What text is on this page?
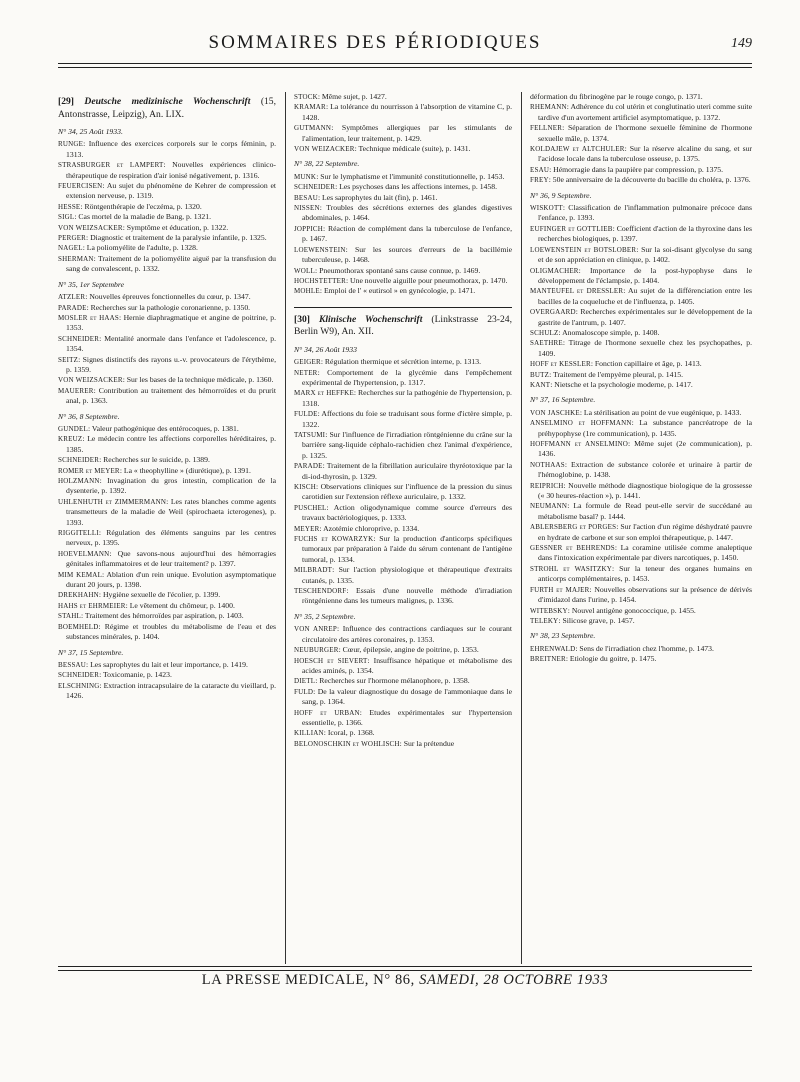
SOMMAIRES DES PÉRIODIQUES	149
[29] Deutsche medizinische Wochenschrift (15, Antonstrasse, Leipzig), An. LIX.
N° 34, 25 Août 1933.
RUNGE: Influence des exercices corporels sur le corps féminin, p. 1313.
STRASBURGER et LAMPERT: Nouvelles expériences clinico-thérapeutique de respiration d'air ionisé négativement, p. 1316.
FEUERCISEN: Au sujet du phénomène de Kehrer de compression et extension nerveuse, p. 1319.
HESSE: Röntgenthérapie de l'eczéma, p. 1320.
SIGL: Cas mortel de la maladie de Bang, p. 1321.
VON WEIZSACKER: Symptôme et éducation, p. 1322.
PERGER: Diagnostic et traitement de la paralysie infantile, p. 1325.
NAGEL: La poliomyélite de l'adulte, p. 1328.
SHERMAN: Traitement de la poliomyélite aiguë par la transfusion du sang de convalescent, p. 1332.
N° 35, 1er Septembre
ATZLER: Nouvelles épreuves fonctionnelles du cœur, p. 1347.
PARADE: Recherches sur la pathologie coronarienne, p. 1350.
MOSLER et HAAS: Hernie diaphragmatique et angine de poitrine, p. 1353.
SCHNEIDER: Mentalité anormale dans l'enfance et l'adolescence, p. 1354.
SEITZ: Signes distinctifs des rayons u.-v. provocateurs de l'érythème, p. 1359.
VON WEIZSACKER: Sur les bases de la technique médicale, p. 1360.
MAUERER: Contribution au traitement des hémorroïdes et du prurit anal, p. 1363.
N° 36, 8 Septembre.
GUNDEL: Valeur pathogénique des entérocoques, p. 1381.
KREUZ: Le médecin contre les affections corporelles héréditaires, p. 1385.
SCHNEIDER: Recherches sur le suicide, p. 1389.
ROMER et MEYER: La « theophylline » (diurétique), p. 1391.
HOLZMANN: Invagination du gros intestin, complication de la dysenterie, p. 1392.
UHLENHUTH et ZIMMERMANN: Les rates blanches comme agents transmetteurs de la maladie de Weil (spirochaeta icterogenes), p. 1393.
RIGGITELLI: Régulation des éléments sanguins par les centres nerveux, p. 1395.
HOEVELMANN: Que savons-nous aujourd'hui des hémorragies génitales inflammatoires et de leur traitement? p. 1397.
MIM KEMAL: Ablation d'un rein unique. Evolution asymptomatique durant 20 jours, p. 1398.
DREKHAHN: Hygiène sexuelle de l'écolier, p. 1399.
HAHS et EHRMEIER: Le vêtement du chômeur, p. 1400.
STAHL: Traitement des hémorroïdes par aspiration, p. 1403.
BOEMHELD: Régime et troubles du métabolisme de l'eau et des substances minérales, p. 1404.
N° 37, 15 Septembre.
BESSAU: Les saprophytes du lait et leur importance, p. 1419.
SCHNEIDER: Toxicomanie, p. 1423.
ELSCHNING: Extraction intracapsulaire de la cataracte du vieillard, p. 1426.
STOCK: Même sujet, p. 1427.
KRAMAR: La tolérance du nourrisson à l'absorption de vitamine C, p. 1428.
GUTMANN: Symptômes allergiques par les stimulants de l'alimentation, leur traitement, p. 1429.
VON WEIZACKER: Technique médicale (suite), p. 1431.
N° 38, 22 Septembre.
MUNK: Sur le lymphatisme et l'immunité constitutionnelle, p. 1453.
SCHNEIDER: Les psychoses dans les affections internes, p. 1458.
BESAU: Les saprophytes du lait (fin), p. 1461.
NISSEN: Troubles des sécrétions externes des glandes digestives abdominales, p. 1464.
JOPPICH: Réaction de complément dans la tuberculose de l'enfance, p. 1467.
LOEWENSTEIN: Sur les sources d'erreurs de la bacillémie tuberculeuse, p. 1468.
WOLL: Pneumothorax spontané sans cause connue, p. 1469.
HOCHSTETTER: Une nouvelle aiguille pour pneumothorax, p. 1470.
MOHLE: Emploi de l' « eutirsol » en gynécologie, p. 1471.
[30] Klinische Wochenschrift (Linkstrasse 23-24, Berlin W9), An. XII.
N° 34, 26 Août 1933
GEIGER: Régulation thermique et sécrétion interne, p. 1313.
NETER: Comportement de la glycémie dans l'empêchement expérimental de l'hypertension, p. 1317.
MARX et HEFFKE: Recherches sur la pathogénie de l'hypertension, p. 1318.
FULDE: Affections du foie se traduisant sous forme d'ictère simple, p. 1322.
TATSUMI: Sur l'influence de l'irradiation röntgénienne du crâne sur la barrière sang-liquide céphalo-rachidien chez l'animal d'expérience, p. 1325.
PARADE: Traitement de la fibrillation auriculaire thyréotoxique par la di-iod-thyrosin, p. 1329.
KISCH: Observations cliniques sur l'influence de la pression du sinus carotidien sur l'extension réflexe auriculaire, p. 1332.
PUSCHEL: Action oligodynamique comme source d'erreurs des travaux bactériologiques, p. 1333.
MEYER: Azotémie chloroprive, p. 1334.
FUCHS et KOWARZYK: Sur la production d'anticorps spécifiques tumoraux par préparation à l'aide du sérum contenant de l'antigène tumoral, p. 1334.
MILBRADT: Sur l'action physiologique et thérapeutique d'extraits cutanés, p. 1335.
TESCHENDORF: Essais d'une nouvelle méthode d'irradiation röntgénienne dans les tumeurs malignes, p. 1336.
N° 35, 2 Septembre.
VON ANREP: Influence des contractions cardiaques sur le courant circulatoire des artères coronaires, p. 1353.
NEUBURGER: Cœur, épilepsie, angine de poitrine, p. 1353.
HOESCH et SIEVERT: Insuffisance hépatique et métabolisme des acides aminés, p. 1354.
DIETL: Recherches sur l'hormone mélanophore, p. 1358.
FULD: De la valeur diagnostique du dosage de l'ammoniaque dans le sang, p. 1364.
HOFF et URBAN: Etudes expérimentales sur l'hypertension essentielle, p. 1366.
KILLIAN: Icoral, p. 1368.
BELONOSCHKIN et WOHLISCH: Sur la prétendue
déformation du fibrinogène par le rouge congo, p. 1371.
RHEMANN: Adhérence du col utérin et conglutinatio uteri comme suite tardive d'un avortement artificiel asymptomatique, p. 1372.
FELLNER: Séparation de l'hormone sexuelle féminine de l'hormone sexuelle mâle, p. 1374.
KOLDAJEW et ALTCHULER: Sur la réserve alcaline du sang, et sur l'acidose locale dans la tuberculose osseuse, p. 1375.
ESAU: Hémorragie dans la paupière par compression, p. 1375.
FREY: 50e anniversaire de la découverte du bacille du choléra, p. 1376.
N° 36, 9 Septembre.
WISKOTT: Classification de l'inflammation pulmonaire précoce dans l'enfance, p. 1393.
EUFINGER et GOTTLIEB: Coefficient d'action de la thyroxine dans les recherches biologiques, p. 1397.
LOEWENSTEIN et BOTSLOBER: Sur la soi-disant glycolyse du sang et de son appréciation en clinique, p. 1402.
OLIGMACHER: Importance de la post-hypophyse dans le développement de l'éclampsie, p. 1404.
MANTEUFEL et DRESSLER: Au sujet de la différenciation entre les bacilles de la coqueluche et de l'influenza, p. 1405.
OVERGAARD: Recherches expérimentales sur le développement de la gastrite de l'antrum, p. 1407.
SCHULZ: Anomaloscope simple, p. 1408.
SAETHRE: Titrage de l'hormone sexuelle chez les psychopathes, p. 1409.
HOFF et KESSLER: Fonction capillaire et âge, p. 1413.
BUTZ: Traitement de l'empyème pleural, p. 1415.
KANT: Nietsche et la psychologie moderne, p. 1417.
N° 37, 16 Septembre.
VON JASCHKE: La stérilisation au point de vue eugénique, p. 1433.
ANSELMINO et HOFFMANN: La substance pancréatrope de la préhypophyse (1re communication), p. 1435.
HOFFMANN et ANSELMINO: Même sujet (2e communication), p. 1436.
NOTHAAS: Extraction de substance colorée et urinaire à partir de l'hémoglobine, p. 1438.
REIPRICH: Nouvelle méthode diagnostique biologique de la grossesse (« 30 heures-réaction »), p. 1441.
NEUMANN: La formule de Read peut-elle servir de succédané au métabolisme basal? p. 1444.
ABLERSBERG et PORGES: Sur l'action d'un régime déshydraté pauvre en hydrate de carbone et sur son emploi thérapeutique, p. 1447.
GESSNER et BEHRENDS: La coramine utilisée comme analeptique dans l'intoxication expérimentale par divers narcotiques, p. 1450.
STROHL et WASITZKY: Sur la teneur des organes humains en anticorps complémentaires, p. 1453.
FURTH et MAJER: Nouvelles observations sur la présence de dérivés d'imidazol dans l'urine, p. 1454.
WITEBSKY: Nouvel antigène gonococcique, p. 1455.
TELEKY: Silicose grave, p. 1457.
N° 38, 23 Septembre.
EHRENWALD: Sens de l'irradiation chez l'homme, p. 1473.
BREITNER: Etiologie du goitre, p. 1475.
LA PRESSE MEDICALE, N° 86, SAMEDI, 28 OCTOBRE 1933
